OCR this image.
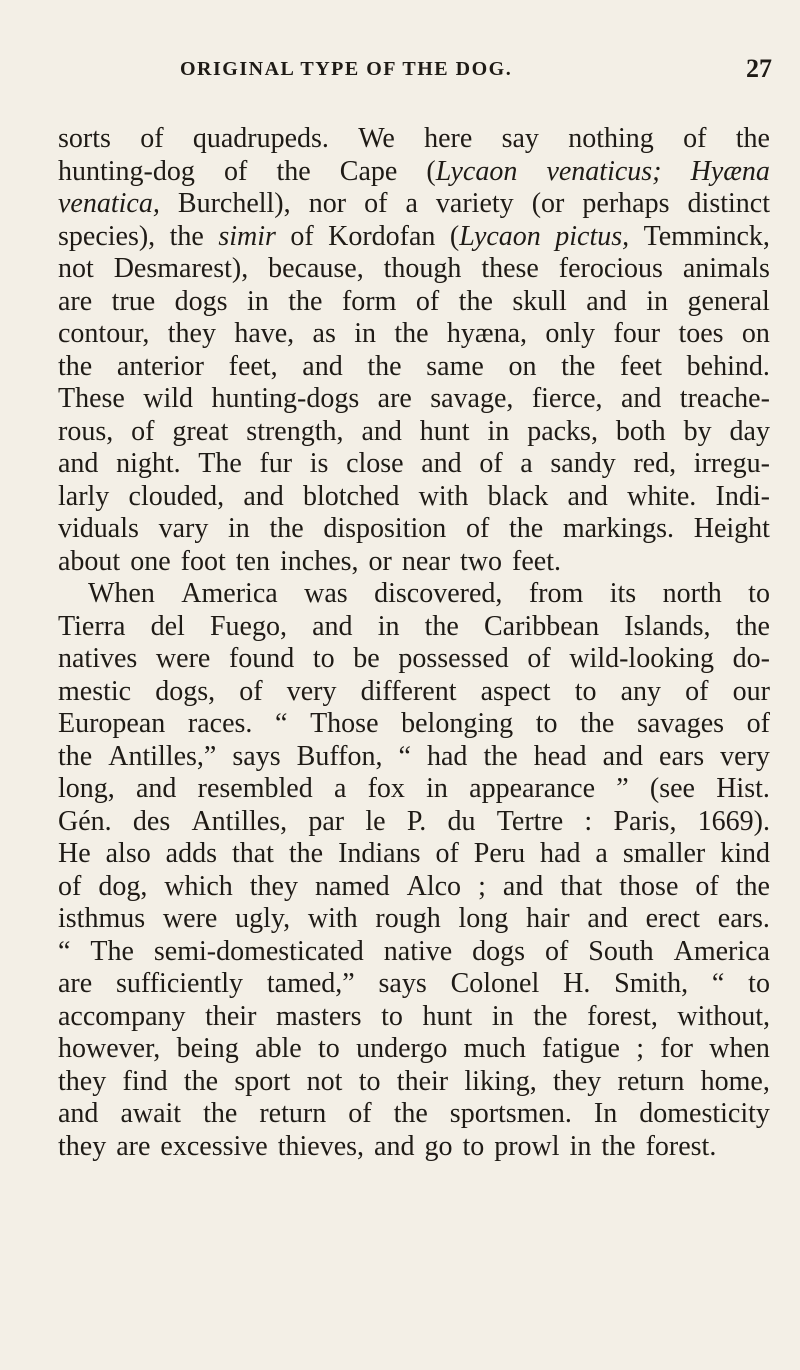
ORIGINAL TYPE OF THE DOG.	27
sorts of quadrupeds. We here say nothing of the
hunting-dog of the Cape (Lycaon venaticus; Hyæna
venatica, Burchell), nor of a variety (or perhaps distinct
species), the simir of Kordofan (Lycaon pictus, Temminck,
not Desmarest), because, though these ferocious animals
are true dogs in the form of the skull and in general
contour, they have, as in the hyæna, only four toes on
the anterior feet, and the same on the feet behind.
These wild hunting-dogs are savage, fierce, and treache-
rous, of great strength, and hunt in packs, both by day
and night. The fur is close and of a sandy red, irregu-
larly clouded, and blotched with black and white. Indi-
viduals vary in the disposition of the markings. Height
about one foot ten inches, or near two feet.
When America was discovered, from its north to
Tierra del Fuego, and in the Caribbean Islands, the
natives were found to be possessed of wild-looking do-
mestic dogs, of very different aspect to any of our
European races. “ Those belonging to the savages of
the Antilles,” says Buffon, “ had the head and ears very
long, and resembled a fox in appearance ” (see Hist.
Gén. des Antilles, par le P. du Tertre : Paris, 1669).
He also adds that the Indians of Peru had a smaller kind
of dog, which they named Alco ; and that those of the
isthmus were ugly, with rough long hair and erect ears.
“ The semi-domesticated native dogs of South America
are sufficiently tamed,” says Colonel H. Smith, “ to
accompany their masters to hunt in the forest, without,
however, being able to undergo much fatigue ; for when
they find the sport not to their liking, they return home,
and await the return of the sportsmen. In domesticity
they are excessive thieves, and go to prowl in the forest.
